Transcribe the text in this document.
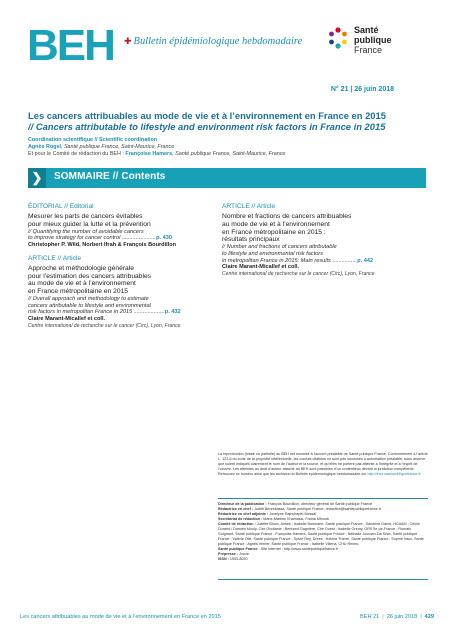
BEH ✚ Bulletin épidémiologique hebdomadaire
Santé
publique
France
N° 21 | 26 juin 2018
Les cancers attribuables au mode de vie et à l’environnement en France en 2015
// Cancers attributable to lifestyle and environment risk factors in France in 2015
Coordination scientifique // Scientific coordination
Agnès Rogel, Santé publique France, Saint-Maurice, France
Et pour le Comité de rédaction du BEH : Françoise Hamers, Santé publique France, Saint-Maurice, France
❯	SOMMAIRE // Contents
ÉDITORIAL // Editorial
Mesurer les parts de cancers évitables
pour mieux guider la lutte et la prévention
// Quantifying the number of avoidable cancers
to improve strategy for cancer control ......................p. 430
Christopher P. Wild, Norbert Ifrah & François Bourdillon
ARTICLE // Article
Approche et méthodologie générale
pour l’estimation des cancers attribuables
au mode de vie et à l’environnement
en France métropolitaine en 2015
// Overall approach and methodology to estimate
cancers attributable to lifestyle and environmental
risk factors in metropolitan France in 2015 ....................p. 432
Claire Marant-Micallef et coll.
Centre international de recherche sur le cancer (Circ), Lyon, France
ARTICLE // Article
Nombre et fractions de cancers attribuables
au mode de vie et à l’environnement
en France métropolitaine en 2015 :
résultats principaux
// Number and fractions of cancers attributable
to lifestyle and environmental risk factors
in metropolitan France in 2015: Main results ................p. 442
Claire Marant-Micallef et coll.
Centre international de recherche sur le cancer (Circ), Lyon, France
La reproduction (totale ou partielle) du BEH est soumise à l’accord préalable de Santé publique France. Conformément à l’article L. 122-5 du code de la propriété intellectuelle, les courtes citations ne sont pas soumises à autorisation préalable, sous réserve que soient indiqués clairement le nom de l’auteur et la source, et qu’elles ne portent pas atteinte à l’intégrité et à l’esprit de l’oeuvre. Les atteintes au droit d’auteur attaché au BEH sont passibles d’un contentieux devant la juridiction compétente.
Retrouvez ce numéro ainsi que les archives du Bulletin épidémiologique hebdomadaire sur http://invs.santepubliquefrance.fr
Directeur de la publication : François Bourdillon, directeur général de Santé publique France
Rédactrice en chef : Judith Benrekassa, Santé publique France, redaction@santepubliquefrance.fr
Rédactrice en chef adjointe : Jocelyne Rajnchapel-Messaï
Secrétariat de rédaction : Marie-Martine Khamassi, Farida Mihoub
Comité de rédaction : Juliette Bloch, Anses ; Isabelle Bonmarin, Santé publique France ; Sandrine Danet, HCAAM ; Cécile Durand / Damien Mouly, Cire Occitanie ; Bertrand Gagnière, Cire Ouest ; Isabelle Grémy, ORS Île-de-France ; Romain Guignard, Santé publique France ; Françoise Hamers, Santé publique France ; Nathalie Jourdan-Da Silva, Santé publique France ; Valérie Olié, Santé publique France ; Sylvie Rey, Drees ; Hélène Therre, Santé publique France ; Sophie Vaux, Santé publique France ; Agnès Verrier, Santé publique France ; Isabelle Villena, CHU Reims.
Santé publique France - Site Internet : http://www.santepubliquefrance.fr
Prépresse : Jouve
ISSN : 1953-8030
Les cancers attribuables au mode de vie et à l’environnement en France en 2015	BEH 21 | 26 juin 2018 | 429
